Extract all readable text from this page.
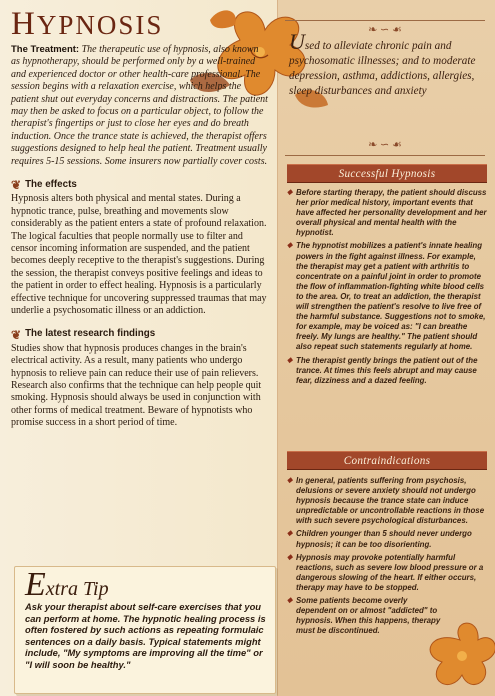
HYPNOSIS

The Treatment: The therapeutic use of hypnosis, also known as hypnotherapy, should be performed only by a well-trained and experienced doctor or other health-care professional. The session begins with a relaxation exercise, which helps the patient shut out everyday concerns and distractions. The patient may then be asked to focus on a particular object, to follow the therapist's fingertips or just to close her eyes and do breath induction. Once the trance state is achieved, the therapist offers suggestions designed to help heal the patient. Treatment usually requires 5-15 sessions. Some insurers now partially cover costs.

❦ The effects

Hypnosis alters both physical and mental states. During a hypnotic trance, pulse, breathing and movements slow considerably as the patient enters a state of profound relaxation. The logical faculties that people normally use to filter and censor incoming information are suspended, and the patient becomes deeply receptive to the therapist's suggestions. During the session, the therapist conveys positive feelings and ideas to the patient in order to effect healing. Hypnosis is a particularly effective technique for uncovering suppressed traumas that may underlie a psychosomatic illness or an addiction.

❦ The latest research findings

Studies show that hypnosis produces changes in the brain's electrical activity. As a result, many patients who undergo hypnosis to relieve pain can reduce their use of pain relievers. Research also confirms that the technique can help people quit smoking. Hypnosis should always be used in conjunction with other forms of medical treatment. Beware of hypnotists who promise success in a short period of time.

Extra Tip

Ask your therapist about self-care exercises that you can perform at home. The hypnotic healing process is often fostered by such actions as repeating formulaic sentences on a daily basis. Typical statements might include, "My symptoms are improving all the time" or "I will soon be healthy."

❧ ∽ ☙

Used to alleviate chronic pain and psychosomatic illnesses; and to moderate depression, asthma, addictions, allergies, sleep disturbances and anxiety

❧ ∽ ☙
Successful Hypnosis
◆ Before starting therapy, the patient should discuss her prior medical history, important events that have affected her personality development and her overall physical and mental health with the hypnotist.
◆ The hypnotist mobilizes a patient's innate healing powers in the fight against illness. For example, the therapist may get a patient with arthritis to concentrate on a painful joint in order to promote the flow of inflammation-fighting white blood cells to the area. Or, to treat an addiction, the therapist will strengthen the patient's resolve to live free of the harmful substance. Suggestions not to smoke, for example, may be voiced as: "I can breathe freely. My lungs are healthy." The patient should also repeat such statements regularly at home.
◆ The therapist gently brings the patient out of the trance. At times this feels abrupt and may cause fear, dizziness and a dazed feeling.
Contraindications
◆ In general, patients suffering from psychosis, delusions or severe anxiety should not undergo hypnosis because the trance state can induce unpredictable or uncontrollable reactions in those with such severe psychological disturbances.
◆ Children younger than 5 should never undergo hypnosis; it can be too disorienting.
◆ Hypnosis may provoke potentially harmful reactions, such as severe low blood pressure or a dangerous slowing of the heart. If either occurs, therapy may have to be stopped.
◆ Some patients become overly dependent on or almost "addicted" to hypnosis. When this happens, therapy must be discontinued.
